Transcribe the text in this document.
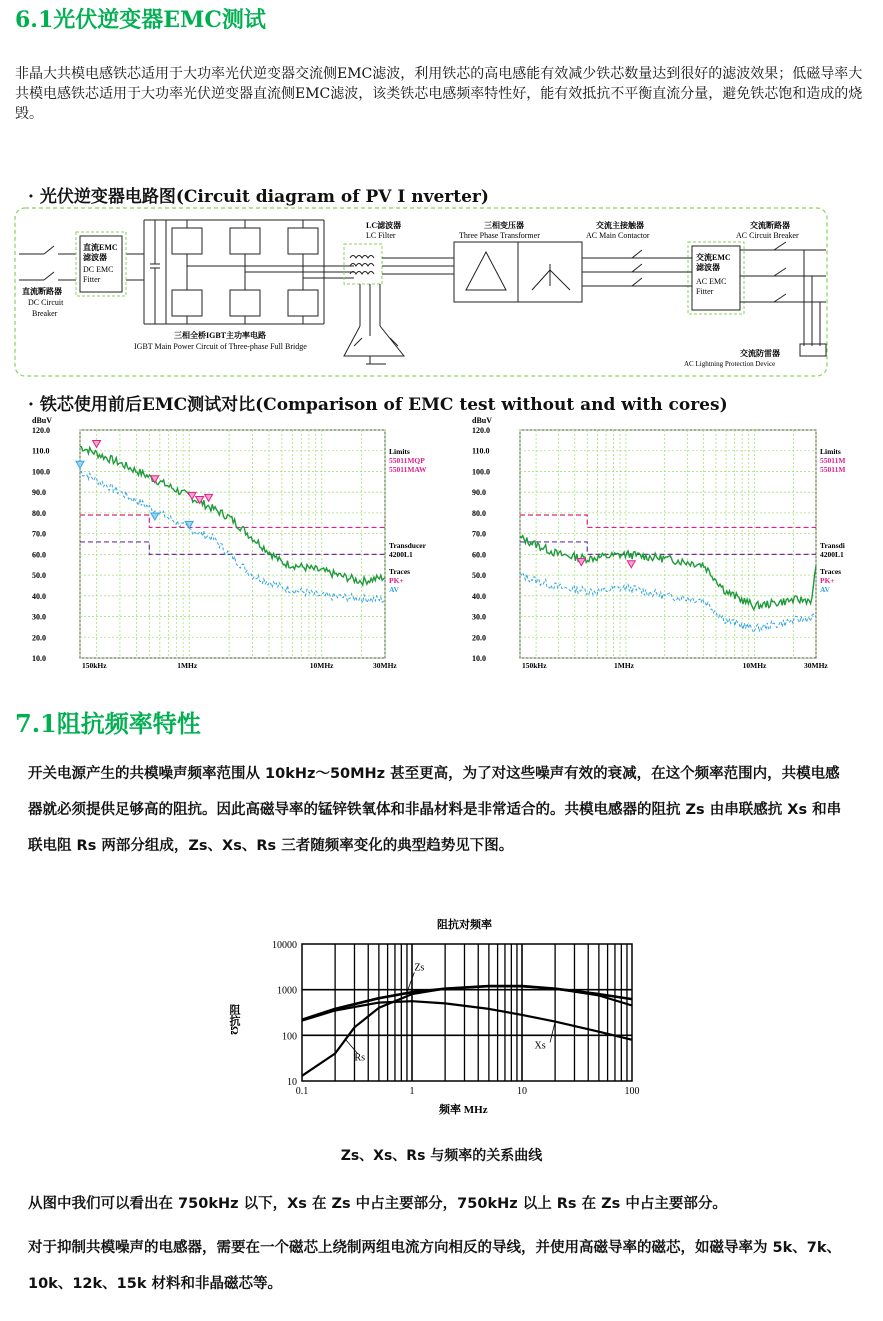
6.1光伏逆变器EMC测试
非晶大共模电感铁芯适用于大功率光伏逆变器交流侧EMC滤波，利用铁芯的高电感能有效减少铁芯数量达到很好的滤波效果；低磁导率大共模电感铁芯适用于大功率光伏逆变器直流侧EMC滤波，该类铁芯电感频率特性好，能有效抵抗不平衡直流分量，避免铁芯饱和造成的烧毁。
· 光伏逆变器电路图(Circuit diagram of PV I nverter)
直流EMC
滤波器
DC EMC
Fitter
直流断路器
DC Circuit
Breaker
三相全桥IGBT主功率电路
IGBT Main Power Circuit of Three-phase Full Bridge
LC滤波器
LC Filter
三相变压器
Three Phase Transformer
交流主接触器
AC Main Contactor
交流EMC
滤波器
AC EMC
Fitter
交流断路器
AC Circuit Breaker
交流防雷器
AC Lightning Protection Device
· 铁芯使用前后EMC测试对比(Comparison of EMC test without and with cores)
dBuV
120.0
110.0
100.0
90.0
80.0
70.0
60.0
50.0
40.0
30.0
20.0
10.0
150kHz	1MHz	10MHz	30MHz
Limits
55011MQP
55011MAW
Transducer
4200L1
Traces
PK+
AV
dBuV
120.0
110.0
100.0
90.0
80.0
70.0
60.0
50.0
40.0
30.0
20.0
10.0
150kHz	1MHz	10MHz	30MHz
Limits
55011M
55011M
Transdi
4200L1
Traces
PK+
AV
7.1阻抗频率特性
开关电源产生的共模噪声频率范围从 10kHz～50MHz 甚至更高，为了对这些噪声有效的衰减，在这个频率范围内，共模电感器就必须提供足够高的阻抗。因此高磁导率的锰锌铁氧体和非晶材料是非常适合的。共模电感器的阻抗 Zs 由串联感抗 Xs 和串联电阻 Rs 两部分组成，Zs、Xs、Rs 三者随频率变化的典型趋势见下图。
阻抗对频率
10
100
1000
10000
0.1	1	10	100
频率 MHz
阻抗Ω
Zs
Rs
Xs
Zs、Xs、Rs 与频率的关系曲线
从图中我们可以看出在 750kHz 以下，Xs 在 Zs 中占主要部分，750kHz 以上 Rs 在 Zs 中占主要部分。
对于抑制共模噪声的电感器，需要在一个磁芯上绕制两组电流方向相反的导线，并使用高磁导率的磁芯，如磁导率为 5k、7k、10k、12k、15k 材料和非晶磁芯等。
